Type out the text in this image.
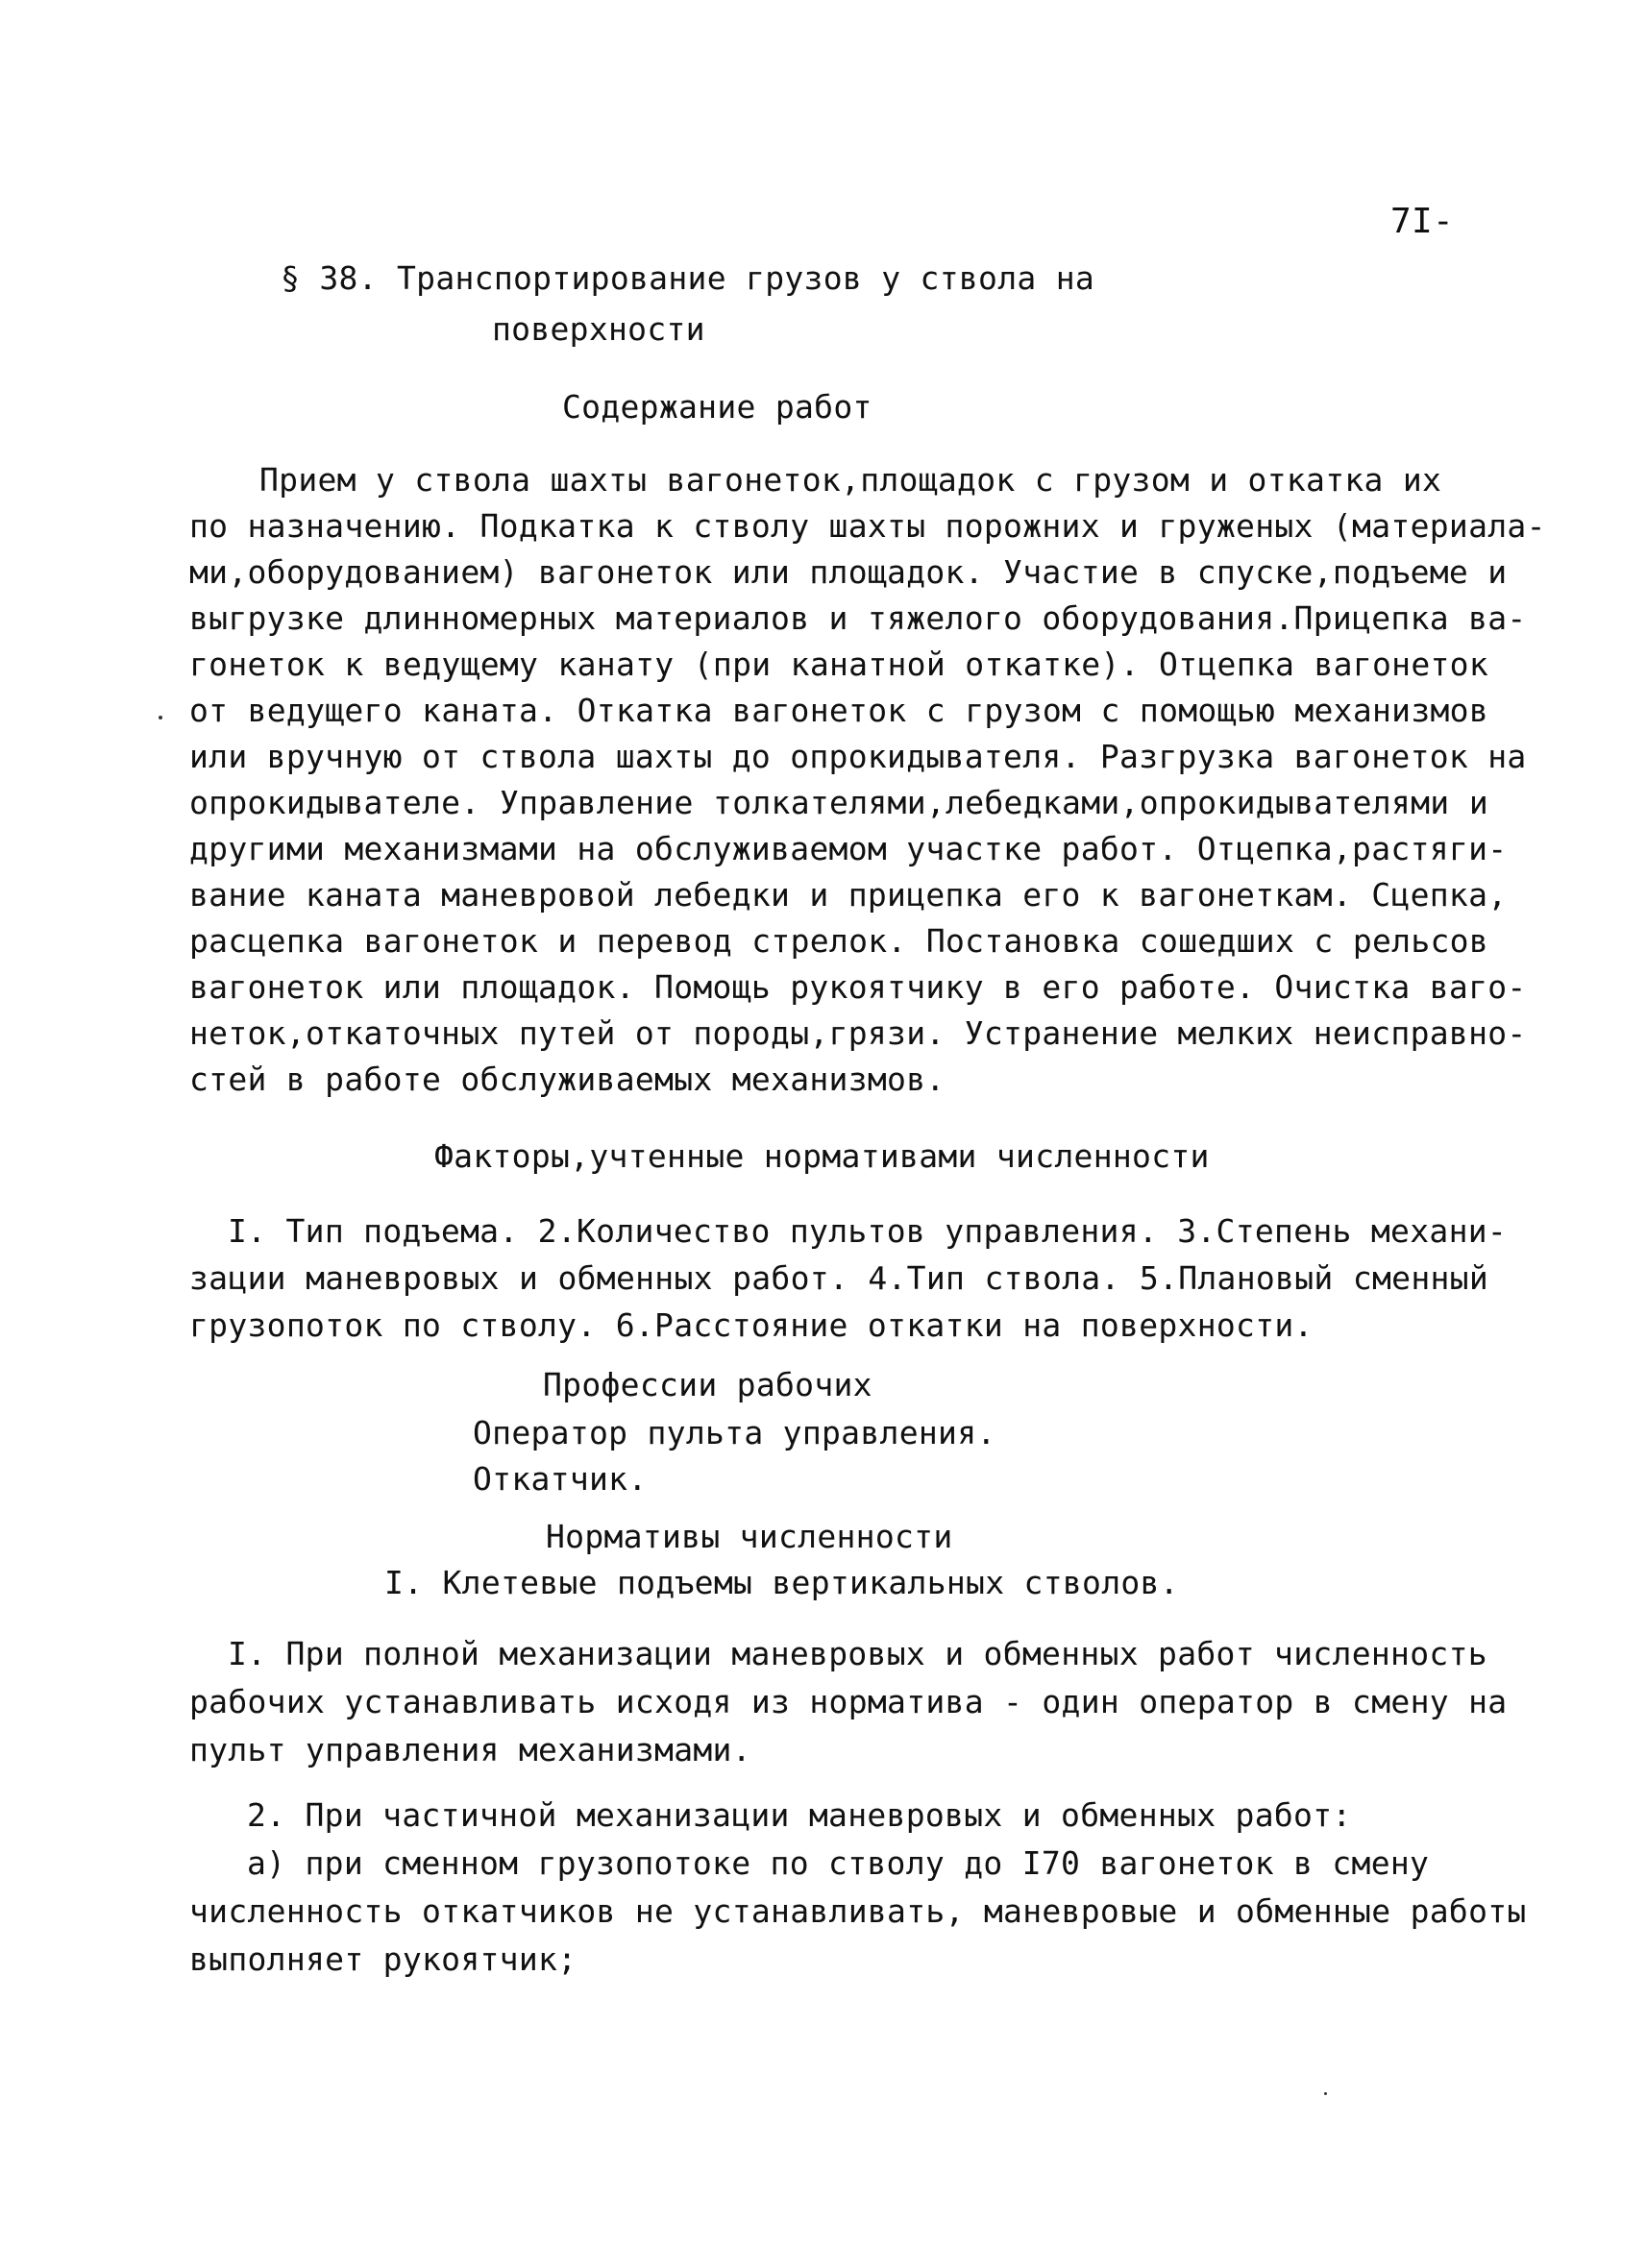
7I-
§ 38. Транспортирование грузов у ствола на
поверхности
Содержание работ
Прием у ствола шахты вагонеток,площадок с грузом и откатка их
по назначению. Подкатка к стволу шахты порожних и груженых (материала-
ми,оборудованием) вагонеток или площадок. Участие в спуске,подъеме и
выгрузке длинномерных материалов и тяжелого оборудования.Прицепка ва-
гонеток к ведущему канату (при канатной откатке). Отцепка вагонеток
от ведущего каната. Откатка вагонеток с грузом с помощью механизмов
или вручную от ствола шахты до опрокидывателя. Разгрузка вагонеток на
опрокидывателе. Управление толкателями,лебедками,опрокидывателями и
другими механизмами на обслуживаемом участке работ. Отцепка,растяги-
вание каната маневровой лебедки и прицепка его к вагонеткам. Сцепка,
расцепка вагонеток и перевод стрелок. Постановка сошедших с рельсов
вагонеток или площадок. Помощь рукоятчику в его работе. Очистка ваго-
неток,откаточных путей от породы,грязи. Устранение мелких неисправно-
стей в работе обслуживаемых механизмов.
Факторы,учтенные нормативами численности
I. Тип подъема. 2.Количество пультов управления. 3.Степень механи-
зации маневровых и обменных работ. 4.Тип ствола. 5.Плановый сменный
грузопоток по стволу. 6.Расстояние откатки на поверхности.
Профессии рабочих
Оператор пульта управления.
Откатчик.
Нормативы численности
I. Клетевые подъемы вертикальных стволов.
I. При полной механизации маневровых и обменных работ численность
рабочих устанавливать исходя из норматива - один оператор в смену на
пульт управления механизмами.
2. При частичной механизации маневровых и обменных работ:
а) при сменном грузопотоке по стволу до I70 вагонеток в смену
численность откатчиков не устанавливать, маневровые и обменные работы
выполняет рукоятчик;
